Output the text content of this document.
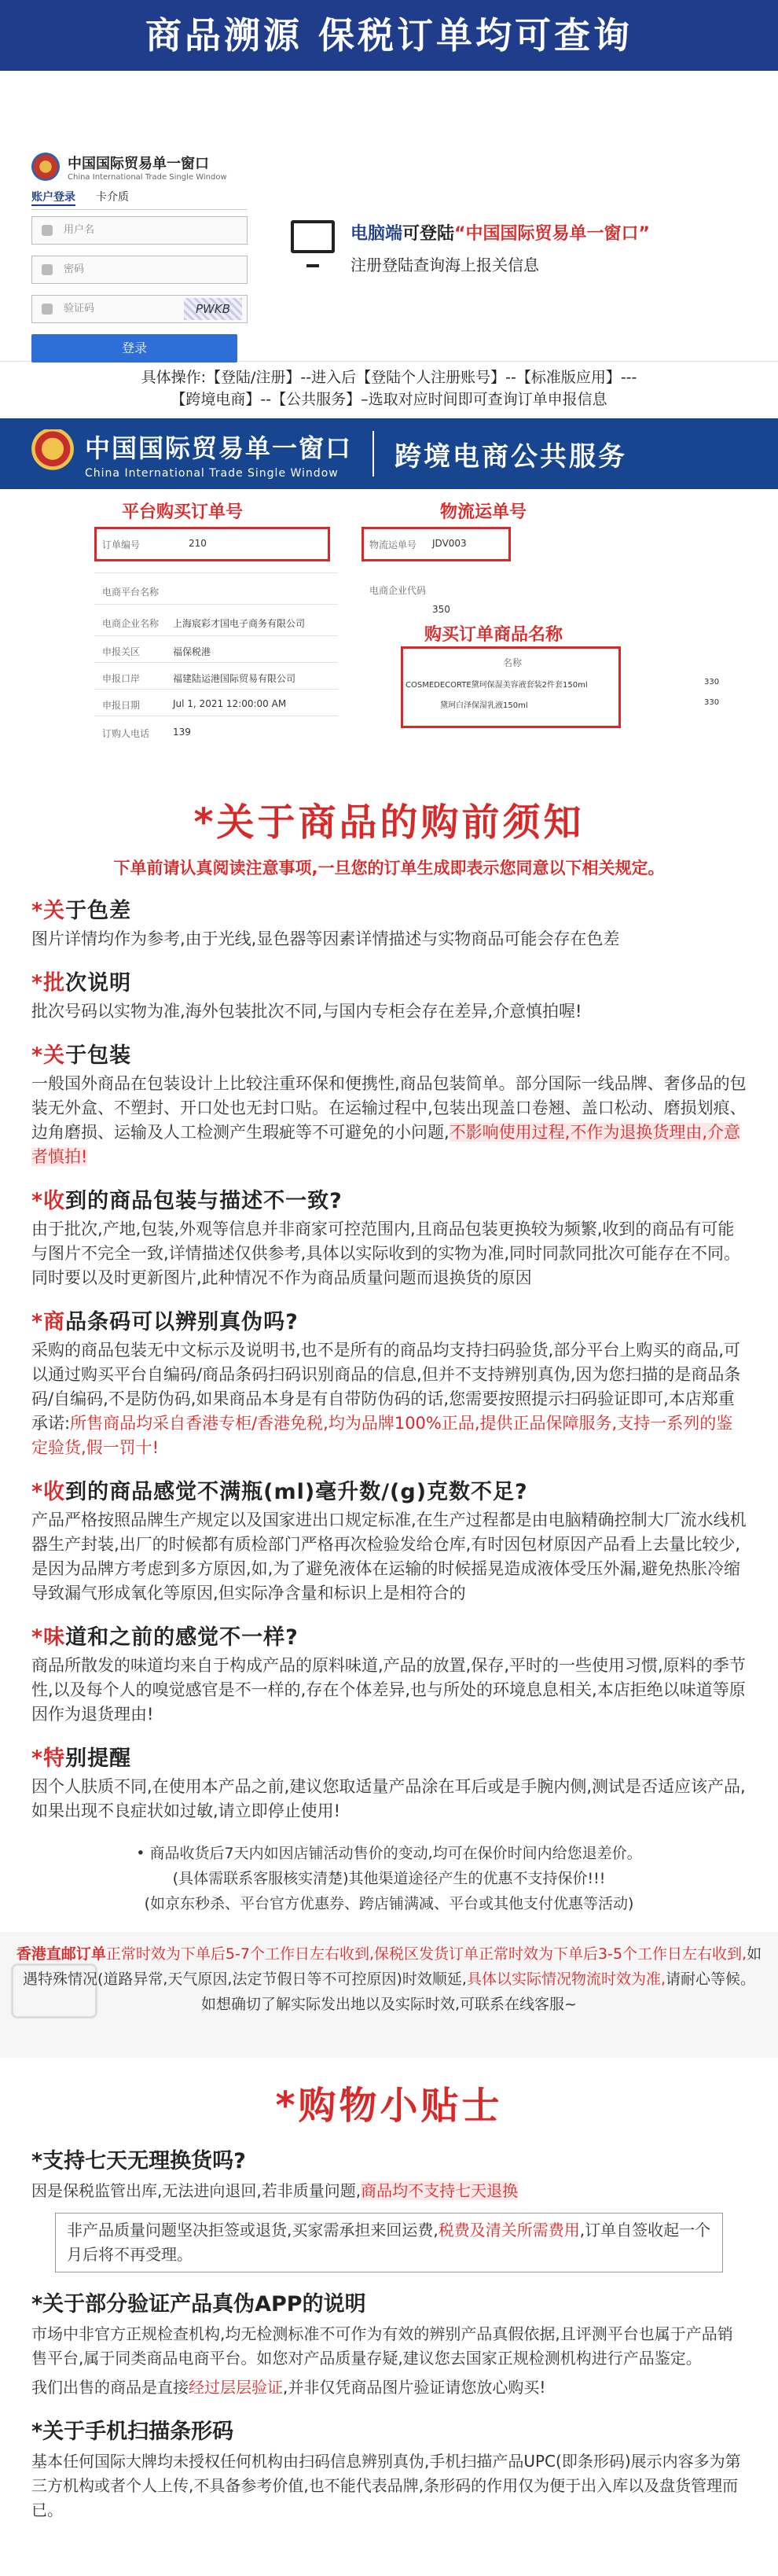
商品溯源 保税订单均可查询
中国国际贸易单一窗口
China International Trade Single Window
账户登录 卡介质
用户名
密码
验证码	PWKB
登录
电脑端可登陆“中国国际贸易单一窗口”
注册登陆查询海上报关信息
具体操作:【登陆/注册】--进入后【登陆个人注册账号】--【标准版应用】---
【跨境电商】--【公共服务】–选取对应时间即可查询订单申报信息
中国国际贸易单一窗口
China International Trade Single Window
跨境电商公共服务
平台购买订单号	物流运单号
订单编号	210
电商平台名称
电商企业名称 上海宸彩才国电子商务有限公司
申报关区	福保税港
申报口岸	福建陆运港国际贸易有限公司
申报日期	Jul 1, 2021 12:00:00 AM
订购人电话 139
物流运单号 JDV003
电商企业代码
350
购买订单商品名称
名称
COSMEDECORTE黛珂保湿美容液套装2件套150ml	330
黛珂白泽保湿乳液150ml	330
*关于商品的购前须知
下单前请认真阅读注意事项,一旦您的订单生成即表示您同意以下相关规定。
*关于色差
图片详情均作为参考,由于光线,显色器等因素详情描述与实物商品可能会存在色差
*批次说明
批次号码以实物为准,海外包装批次不同,与国内专柜会存在差异,介意慎拍喔!
*关于包装
一般国外商品在包装设计上比较注重环保和便携性,商品包装简单。部分国际一线品牌、奢侈品的包装无外盒、不塑封、开口处也无封口贴。在运输过程中,包装出现盖口卷翘、盖口松动、磨损划痕、边角磨损、运输及人工检测产生瑕疵等不可避免的小问题,不影响使用过程,不作为退换货理由,介意者慎拍!
*收到的商品包装与描述不一致?
由于批次,产地,包装,外观等信息并非商家可控范围内,且商品包装更换较为频繁,收到的商品有可能与图片不完全一致,详情描述仅供参考,具体以实际收到的实物为准,同时同款同批次可能存在不同。同时要以及时更新图片,此种情况不作为商品质量问题而退换货的原因
*商品条码可以辨别真伪吗?
采购的商品包装无中文标示及说明书,也不是所有的商品均支持扫码验货,部分平台上购买的商品,可以通过购买平台自编码/商品条码扫码识别商品的信息,但并不支持辨别真伪,因为您扫描的是商品条码/自编码,不是防伪码,如果商品本身是有自带防伪码的话,您需要按照提示扫码验证即可,本店郑重承诺:所售商品均采自香港专柜/香港免税,均为品牌100%正品,提供正品保障服务,支持一系列的鉴定验货,假一罚十!
*收到的商品感觉不满瓶(ml)毫升数/(g)克数不足?
产品严格按照品牌生产规定以及国家进出口规定标准,在生产过程都是由电脑精确控制大厂流水线机器生产封装,出厂的时候都有质检部门严格再次检验发给仓库,有时因包材原因产品看上去量比较少,是因为品牌方考虑到多方原因,如,为了避免液体在运输的时候摇晃造成液体受压外漏,避免热胀冷缩导致漏气形成氧化等原因,但实际净含量和标识上是相符合的
*味道和之前的感觉不一样?
商品所散发的味道均来自于构成产品的原料味道,产品的放置,保存,平时的一些使用习惯,原料的季节性,以及每个人的嗅觉感官是不一样的,存在个体差异,也与所处的环境息息相关,本店拒绝以味道等原因作为退货理由!
*特别提醒
因个人肤质不同,在使用本产品之前,建议您取适量产品涂在耳后或是手腕内侧,测试是否适应该产品,如果出现不良症状如过敏,请立即停止使用!
• 商品收货后7天内如因店铺活动售价的变动,均可在保价时间内给您退差价。
(具体需联系客服核实清楚)其他渠道途径产生的优惠不支持保价!!!
(如京东秒杀、平台官方优惠券、跨店铺满减、平台或其他支付优惠等活动)
香港直邮订单正常时效为下单后5-7个工作日左右收到,保税区发货订单正常时效为下单后3-5个工作日左右收到,如遇特殊情况(道路异常,天气原因,法定节假日等不可控原因)时效顺延,具体以实际情况物流时效为准,请耐心等候。
如想确切了解实际发出地以及实际时效,可联系在线客服~
*购物小贴士
*支持七天无理换货吗?
因是保税监管出库,无法进向退回,若非质量问题,商品均不支持七天退换
非产品质量问题坚决拒签或退货,买家需承担来回运费,税费及清关所需费用,订单自签收起一个月后将不再受理。
*关于部分验证产品真伪APP的说明
市场中非官方正规检查机构,均无检测标准不可作为有效的辨别产品真假依据,且评测平台也属于产品销售平台,属于同类商品电商平台。如您对产品质量存疑,建议您去国家正规检测机构进行产品鉴定。
我们出售的商品是直接经过层层验证,并非仅凭商品图片验证请您放心购买!
*关于手机扫描条形码
基本任何国际大牌均未授权任何机构由扫码信息辨别真伪,手机扫描产品UPC(即条形码)展示内容多为第三方机构或者个人上传,不具备参考价值,也不能代表品牌,条形码的作用仅为便于出入库以及盘货管理而已。
